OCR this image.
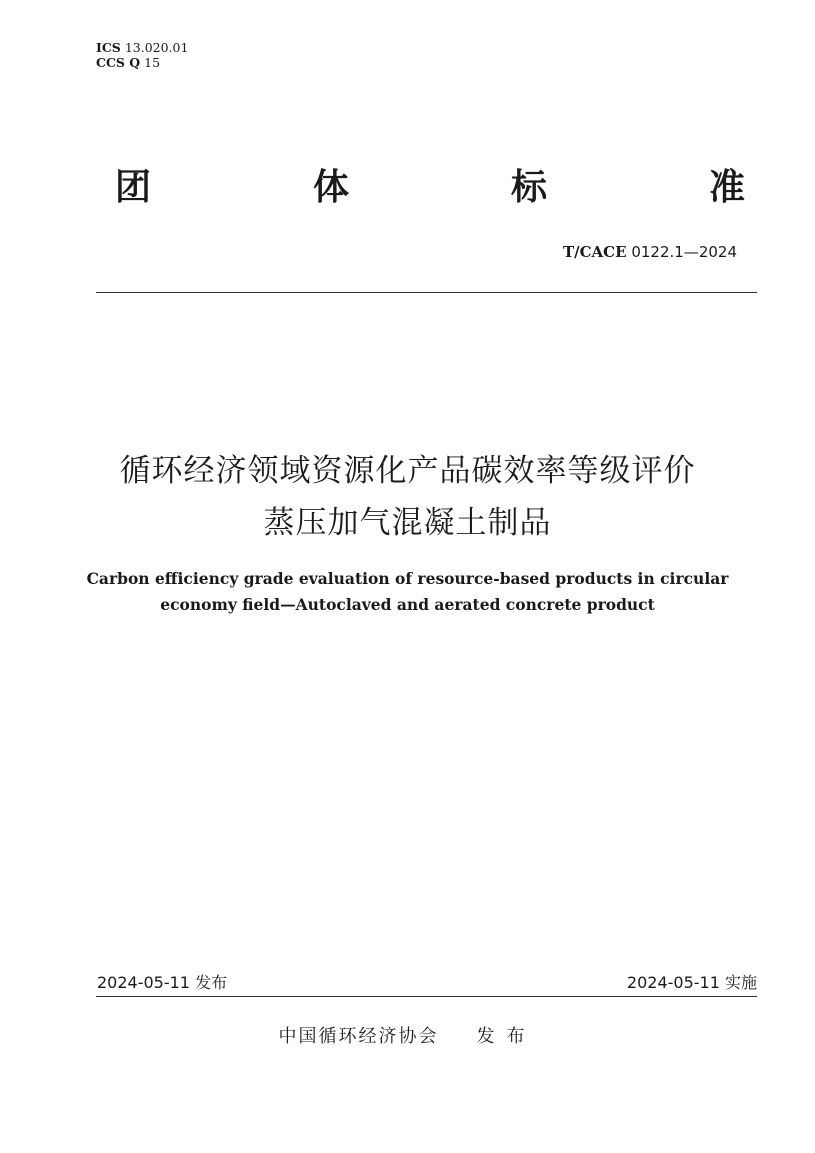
ICS 13.020.01
CCS Q 15
团	体	标	准
T/CACE 0122.1—2024
循环经济领域资源化产品碳效率等级评价
蒸压加气混凝土制品
Carbon efficiency grade evaluation of resource-based products in circular economy field—Autoclaved and aerated concrete product
2024-05-11 发布	2024-05-11 实施
中国循环经济协会 发布
